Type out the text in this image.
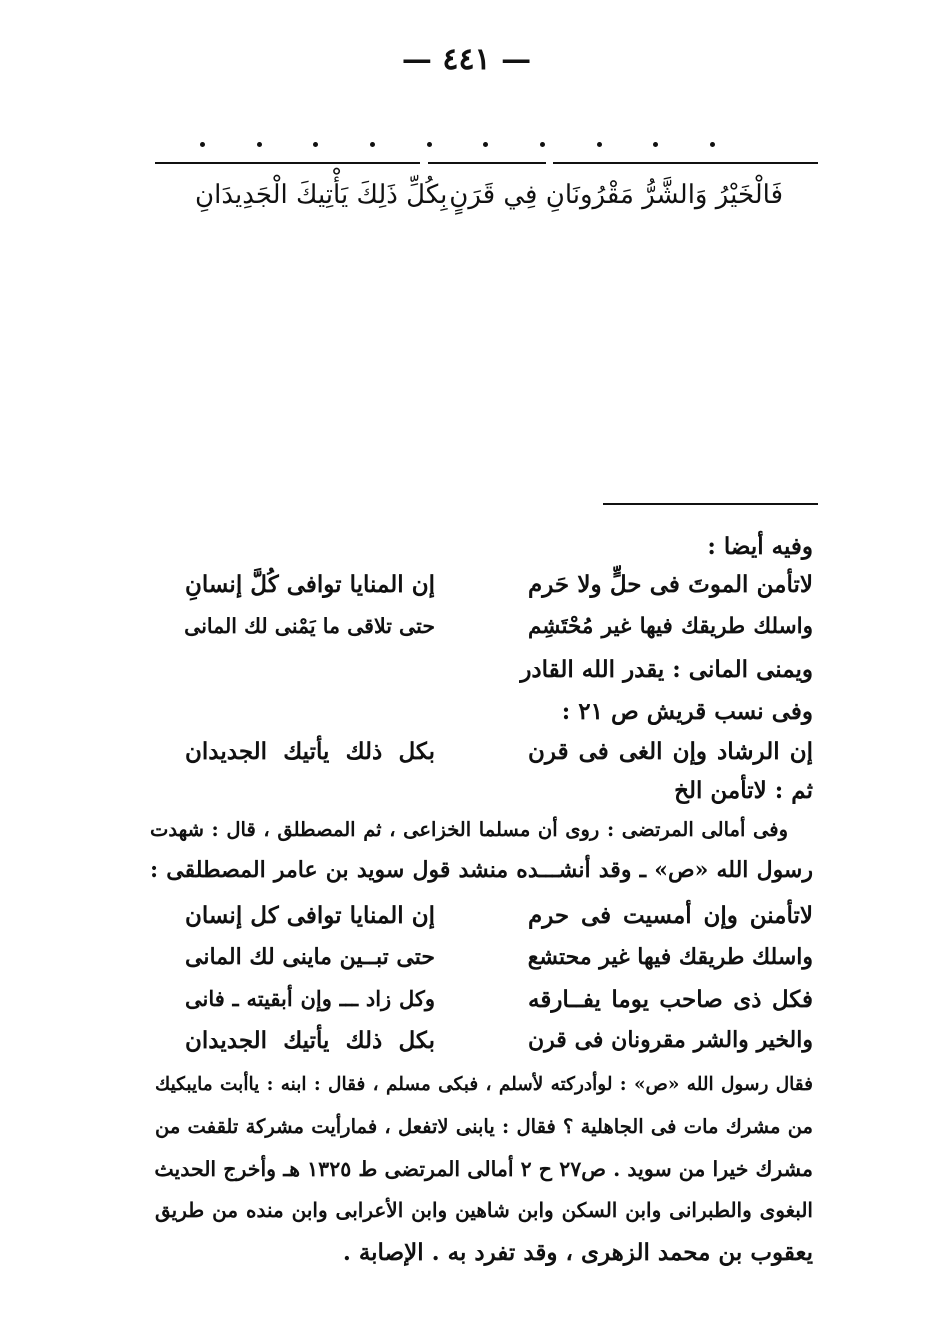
— ٤٤١ —
فَالْخَيْرُ وَالشَّرُّ مَقْرُونَانِ فِي قَرَنٍ
بِكُلِّ ذَلِكَ يَأْتِيكَ الْجَدِيدَانِ
وفيه أيضا :
لاتأمن الموتَ فى حلٍّ ولا حَرم
إن المنايا توافى كُلَّ إنسانِ
واسلك طريقك فيها غير مُحْتَشِم
حتى تلاقى ما يَمْنى لك المانى
ويمنى المانى : يقدر الله القادر
وفى نسب قريش ص ٢١ :
إن الرشاد وإن الغى فى قرن
بكل ذلك يأتيك الجديدان
ثم : لاتأمن الخ
وفى أمالى المرتضى : روى أن مسلما الخزاعى ، ثم المصطلق ، قال : شهدت
رسول الله «ص» ـ وقد أنشـــده منشد قول سويد بن عامر المصطلقى :
لاتأمنن وإن أمسيت فى حرم
إن المنايا توافى كل إنسان
واسلك طريقك فيها غير محتشع
حتى تبــين ماينى لك المانى
فكل ذى صاحب يوما يفــارقه
وكل زاد ـــ وإن أبقيته ـ فانى
والخير والشر مقرونان فى قرن
بكل ذلك يأتيك الجديدان
فقال رسول الله «ص» : لوأدركته لأسلم ، فبكى مسلم ، فقال : ابنه : ياأبت مايبكيك
من مشرك مات فى الجاهلية ؟ فقال : يابنى لاتفعل ، فمارأيت مشركة تلقفت من
مشرك خيرا من سويد . ص٢٧ ح ٢ أمالى المرتضى ط ١٣٢٥ هـ وأخرج الحديث
البغوى والطبرانى وابن السكن وابن شاهين وابن الأعرابى وابن منده من طريق
يعقوب بن محمد الزهرى ، وقد تفرد به . الإصابة .
